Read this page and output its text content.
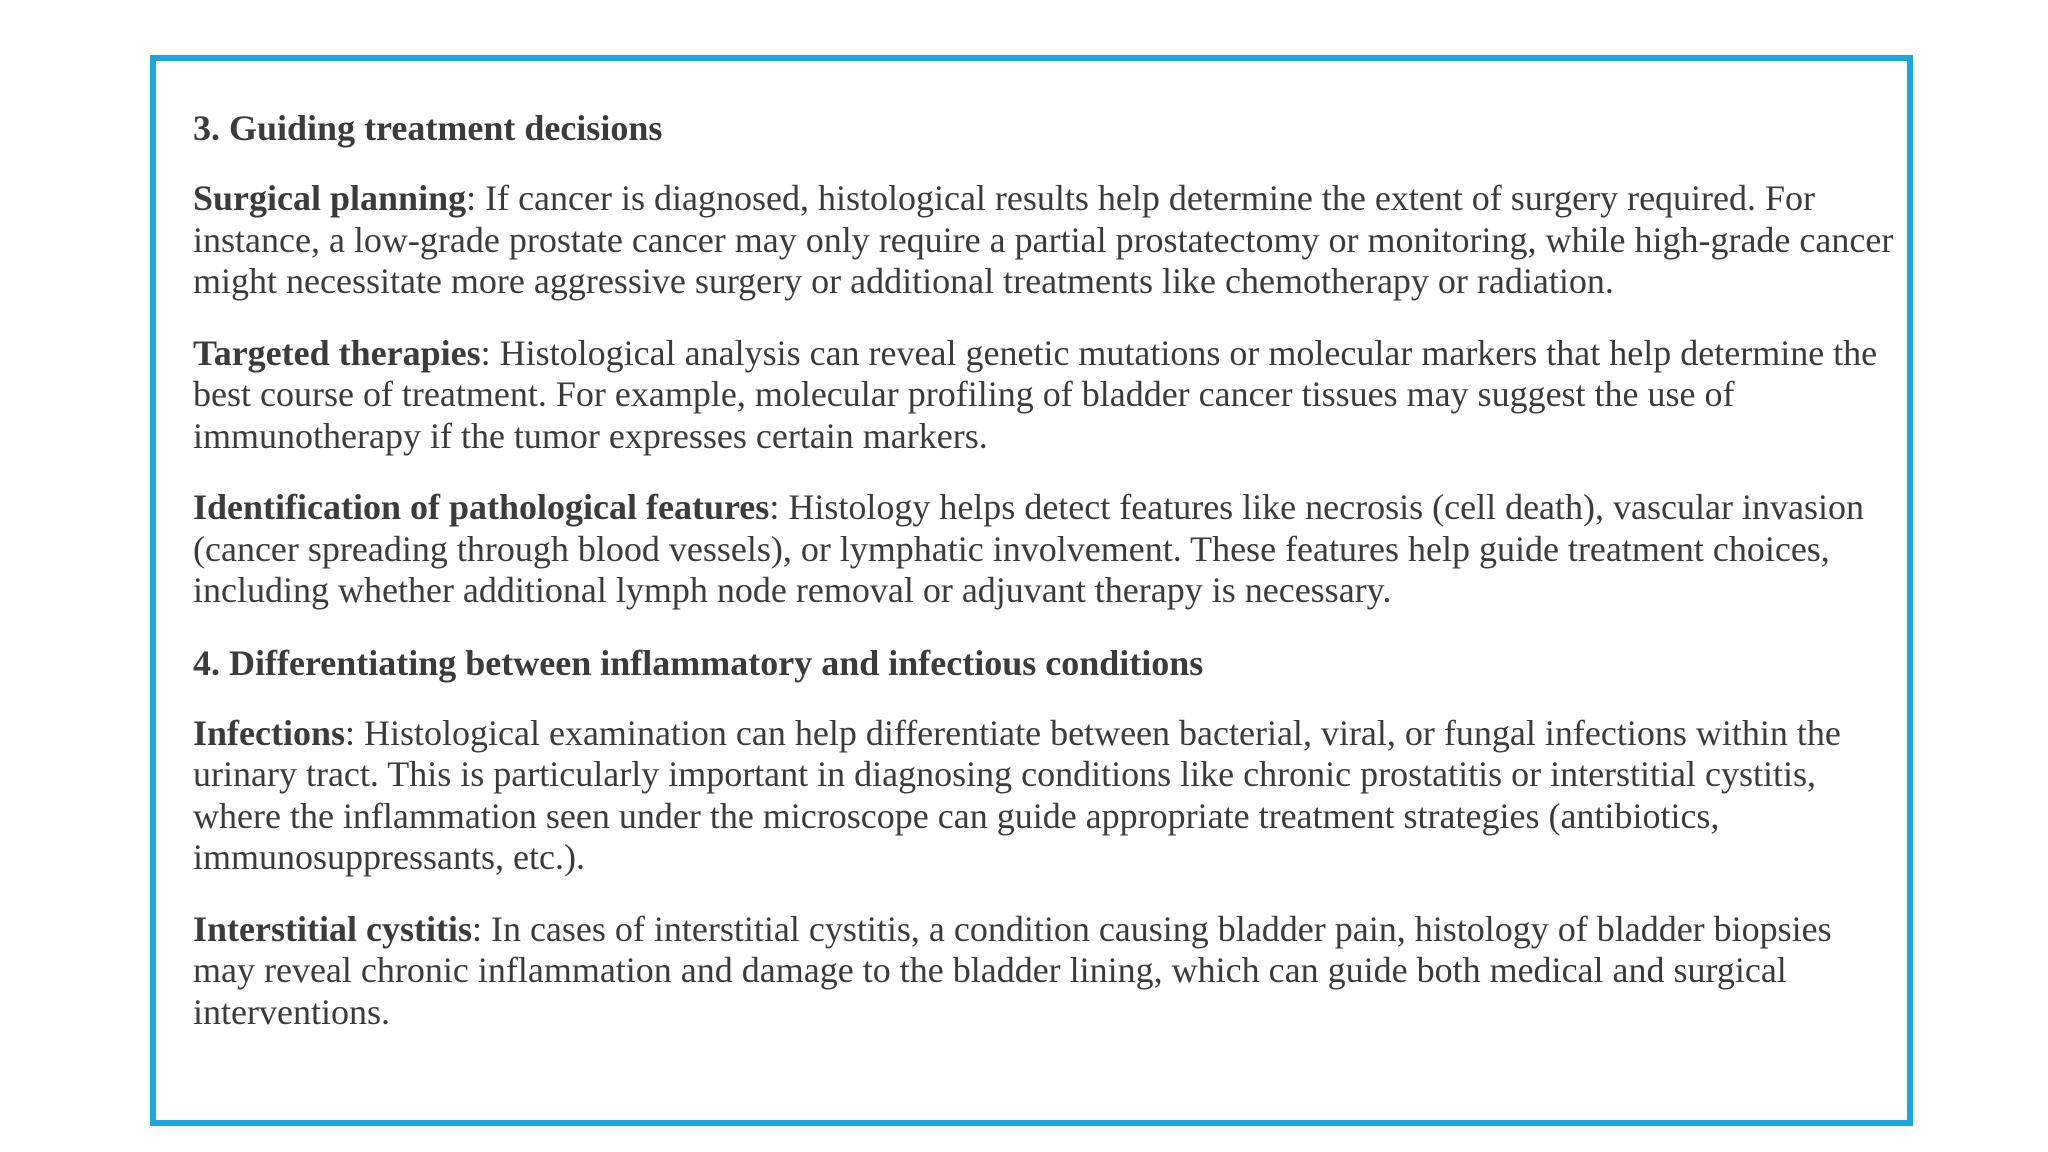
3. Guiding treatment decisions

Surgical planning: If cancer is diagnosed, histological results help determine the extent of surgery required. For instance, a low-grade prostate cancer may only require a partial prostatectomy or monitoring, while high-grade cancer might necessitate more aggressive surgery or additional treatments like chemotherapy or radiation.

Targeted therapies: Histological analysis can reveal genetic mutations or molecular markers that help determine the best course of treatment. For example, molecular profiling of bladder cancer tissues may suggest the use of immunotherapy if the tumor expresses certain markers.

Identification of pathological features: Histology helps detect features like necrosis (cell death), vascular invasion (cancer spreading through blood vessels), or lymphatic involvement. These features help guide treatment choices, including whether additional lymph node removal or adjuvant therapy is necessary.

4. Differentiating between inflammatory and infectious conditions

Infections: Histological examination can help differentiate between bacterial, viral, or fungal infections within the urinary tract. This is particularly important in diagnosing conditions like chronic prostatitis or interstitial cystitis, where the inflammation seen under the microscope can guide appropriate treatment strategies (antibiotics, immunosuppressants, etc.).

Interstitial cystitis: In cases of interstitial cystitis, a condition causing bladder pain, histology of bladder biopsies may reveal chronic inflammation and damage to the bladder lining, which can guide both medical and surgical interventions.
